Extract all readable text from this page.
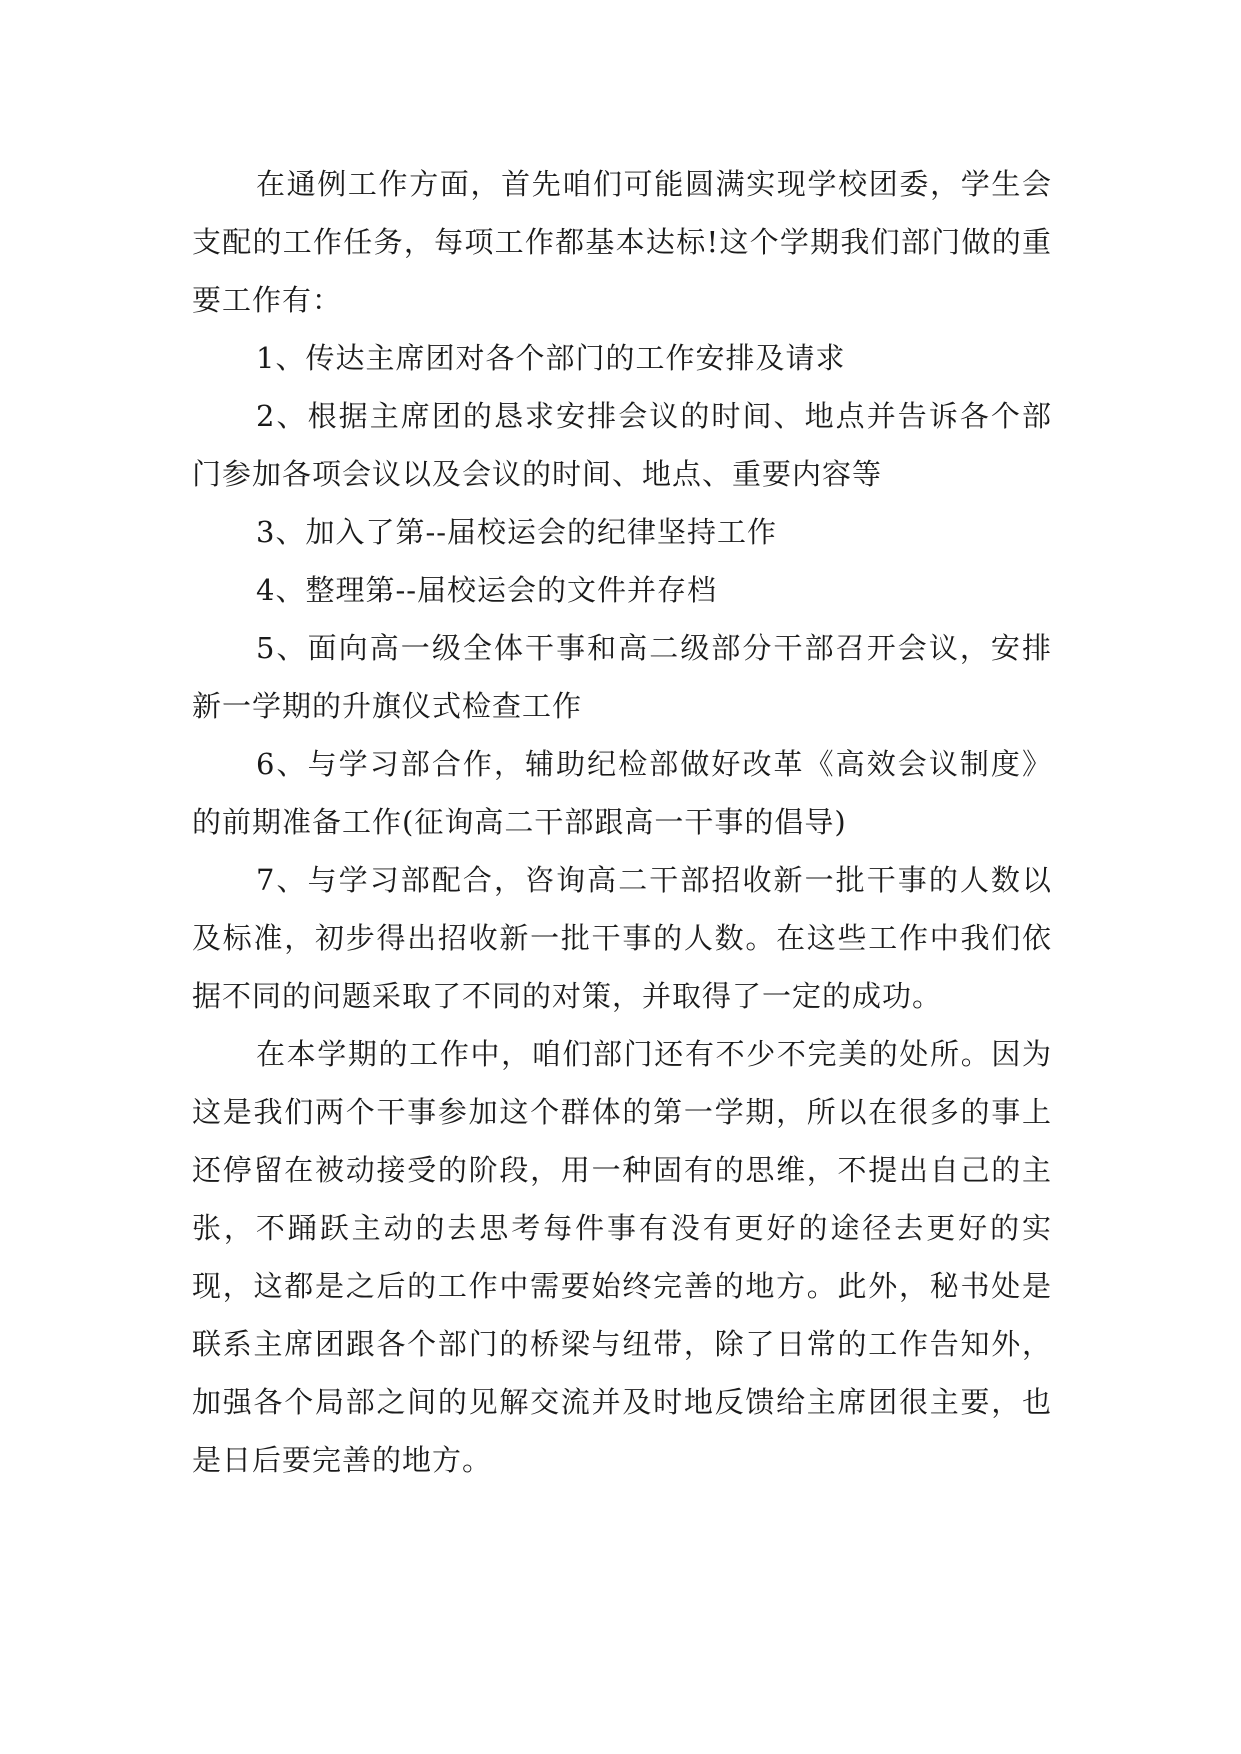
在通例工作方面，首先咱们可能圆满实现学校团委，学生会支配的工作任务，每项工作都基本达标!这个学期我们部门做的重要工作有：

1、传达主席团对各个部门的工作安排及请求

2、根据主席团的恳求安排会议的时间、地点并告诉各个部门参加各项会议以及会议的时间、地点、重要内容等

3、加入了第--届校运会的纪律坚持工作

4、整理第--届校运会的文件并存档

5、面向高一级全体干事和高二级部分干部召开会议，安排新一学期的升旗仪式检查工作

6、与学习部合作，辅助纪检部做好改革《高效会议制度》的前期准备工作(征询高二干部跟高一干事的倡导)

7、与学习部配合，咨询高二干部招收新一批干事的人数以及标准，初步得出招收新一批干事的人数。在这些工作中我们依据不同的问题采取了不同的对策，并取得了一定的成功。

在本学期的工作中，咱们部门还有不少不完美的处所。因为这是我们两个干事参加这个群体的第一学期，所以在很多的事上还停留在被动接受的阶段，用一种固有的思维，不提出自己的主张，不踊跃主动的去思考每件事有没有更好的途径去更好的实现，这都是之后的工作中需要始终完善的地方。此外，秘书处是联系主席团跟各个部门的桥梁与纽带，除了日常的工作告知外，加强各个局部之间的见解交流并及时地反馈给主席团很主要，也是日后要完善的地方。
